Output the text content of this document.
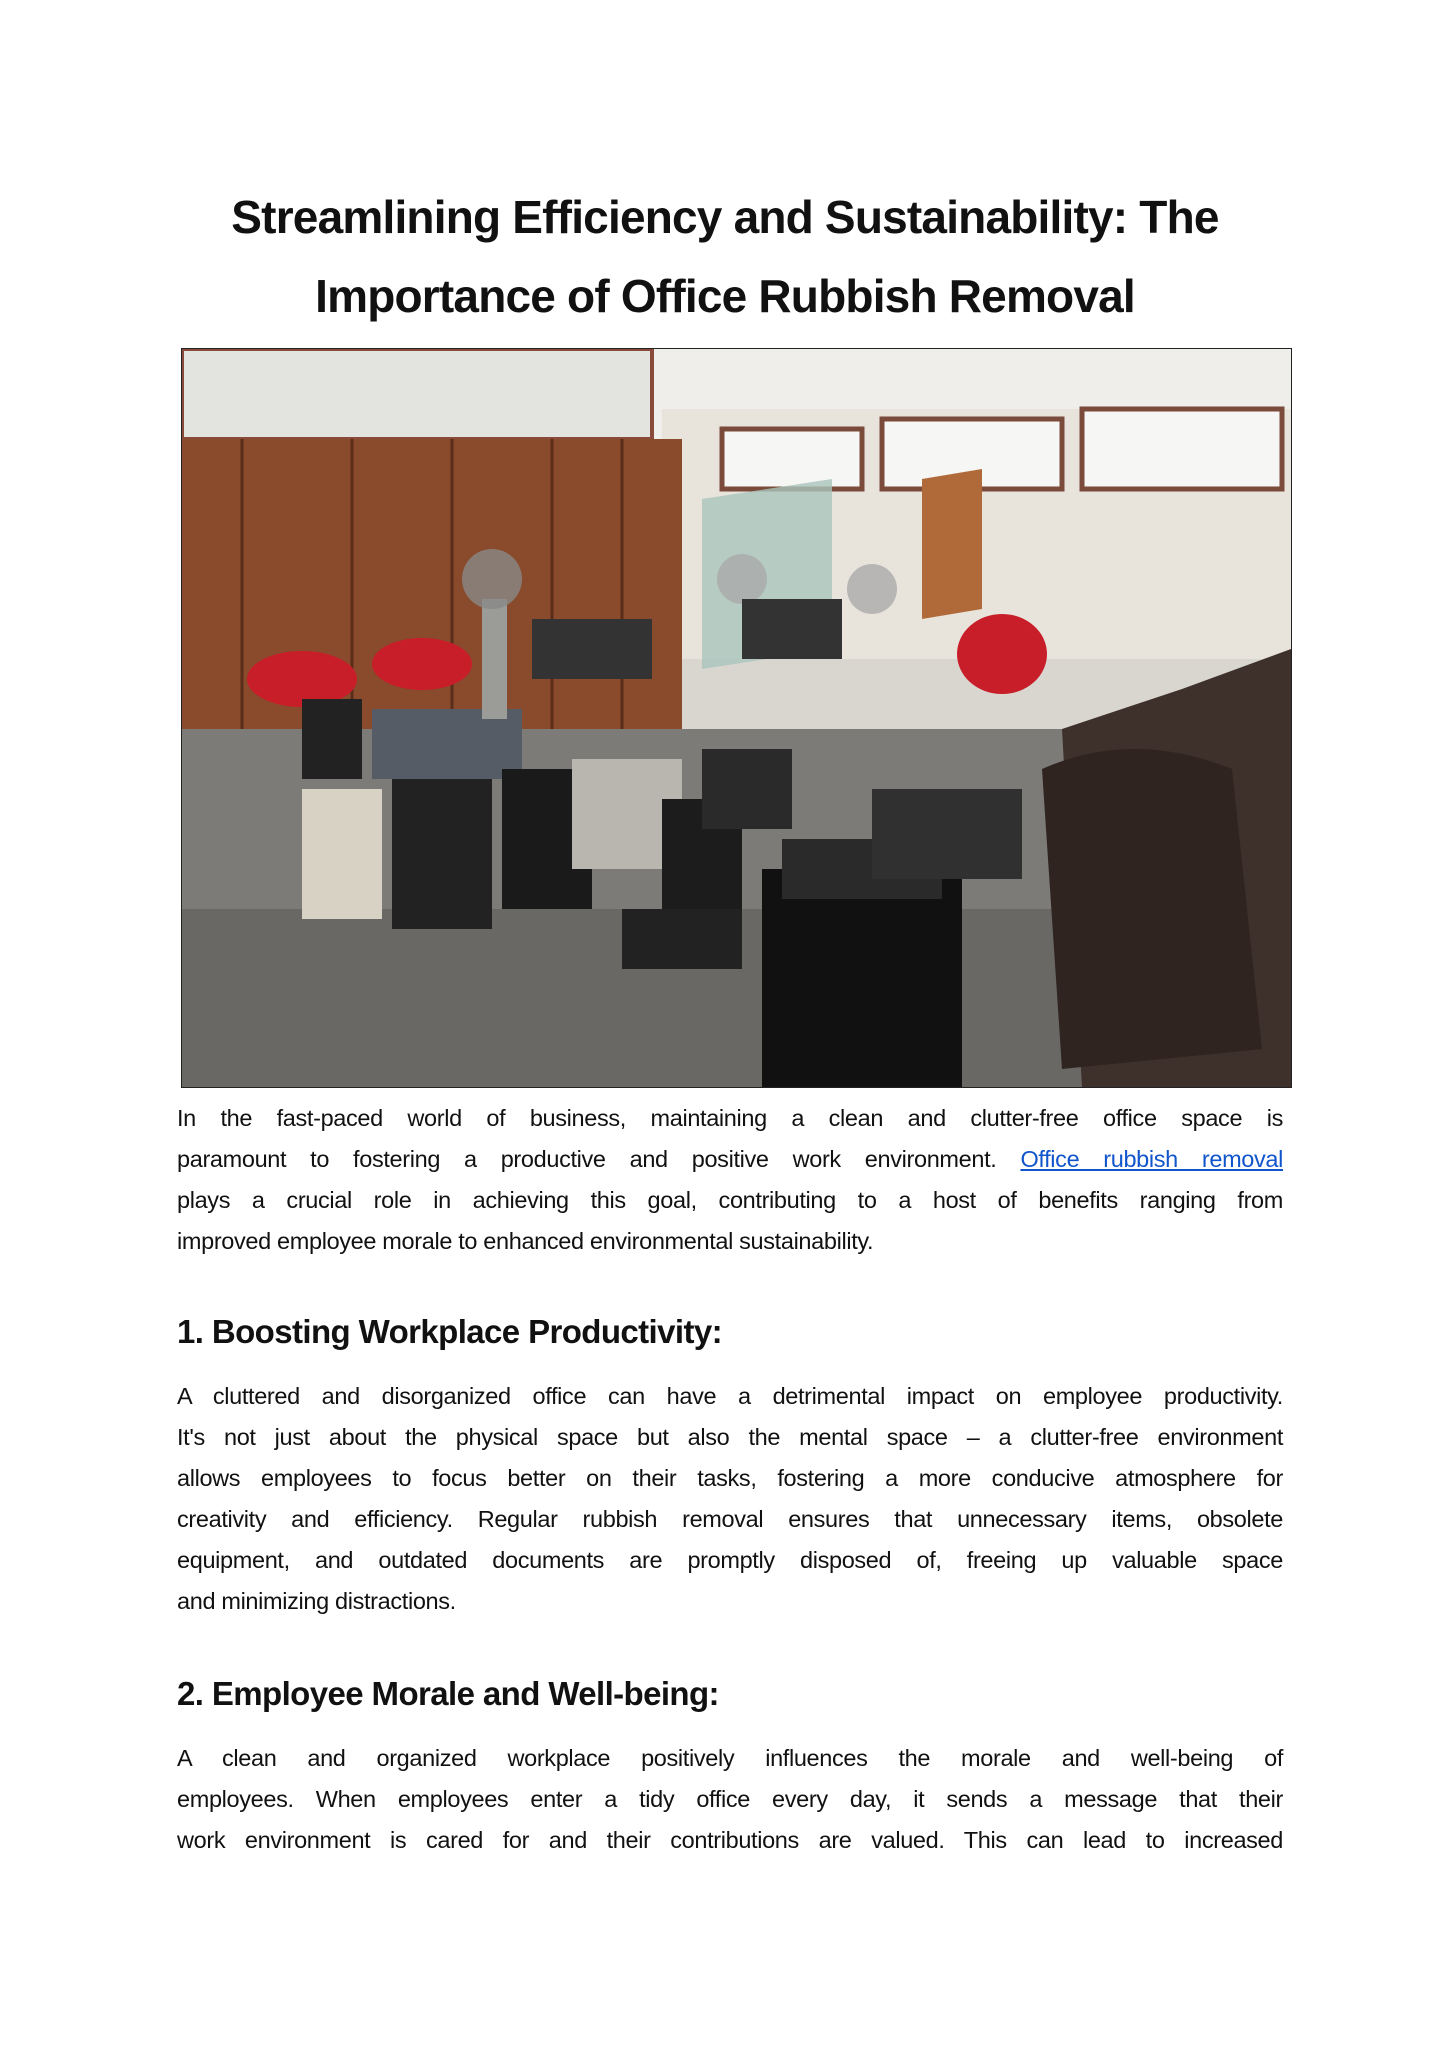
Streamlining Efficiency and Sustainability: The
Importance of Office Rubbish Removal
In the fast-paced world of business, maintaining a clean and clutter-free office space is
paramount to fostering a productive and positive work environment. Office rubbish removal
plays a crucial role in achieving this goal, contributing to a host of benefits ranging from
improved employee morale to enhanced environmental sustainability.
1. Boosting Workplace Productivity:
A cluttered and disorganized office can have a detrimental impact on employee productivity.
It's not just about the physical space but also the mental space – a clutter-free environment
allows employees to focus better on their tasks, fostering a more conducive atmosphere for
creativity and efficiency. Regular rubbish removal ensures that unnecessary items, obsolete
equipment, and outdated documents are promptly disposed of, freeing up valuable space
and minimizing distractions.
2. Employee Morale and Well-being:
A clean and organized workplace positively influences the morale and well-being of
employees. When employees enter a tidy office every day, it sends a message that their
work environment is cared for and their contributions are valued. This can lead to increased
